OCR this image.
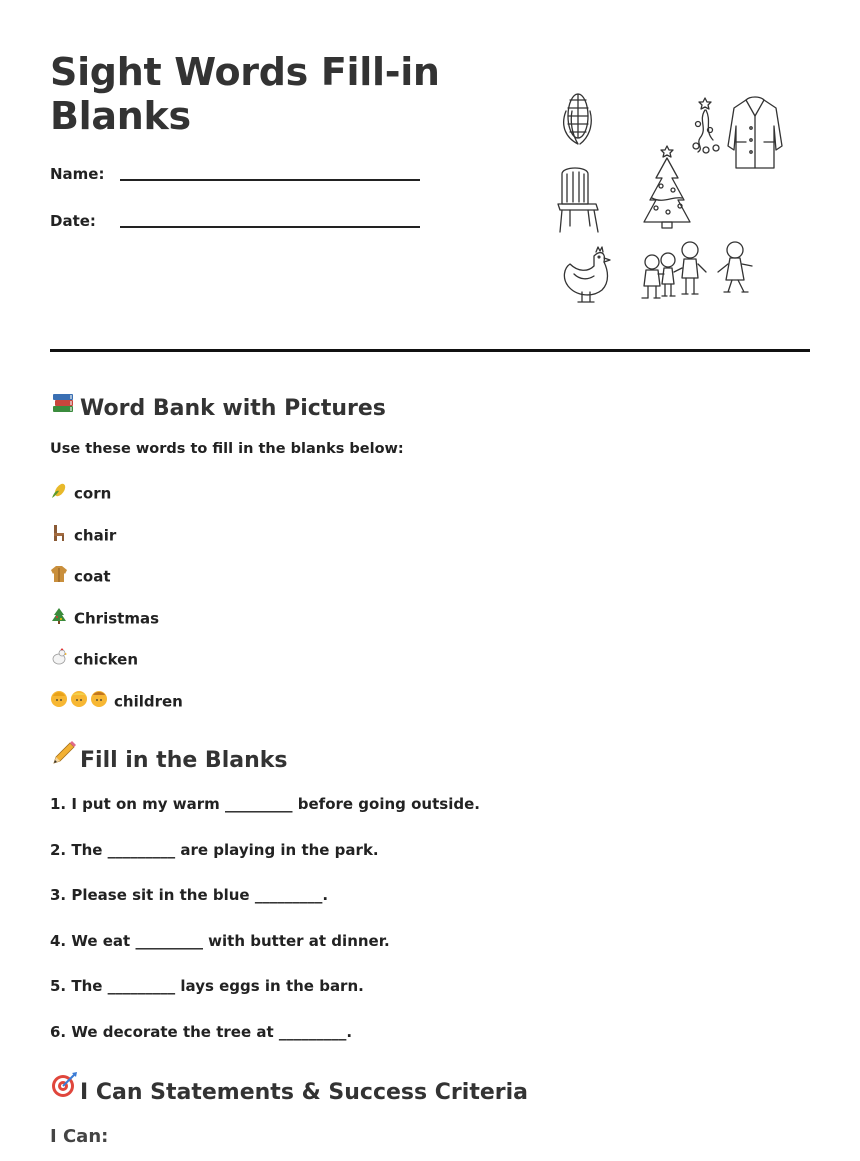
Sight Words Fill-in Blanks
Name:
Date:
Word Bank with Pictures
Use these words to fill in the blanks below:
corn
chair
coat
Christmas
chicken
children
Fill in the Blanks
1. I put on my warm _________ before going outside.
2. The _________ are playing in the park.
3. Please sit in the blue _________.
4. We eat _________ with butter at dinner.
5. The _________ lays eggs in the barn.
6. We decorate the tree at _________.
I Can Statements & Success Criteria
I Can:
